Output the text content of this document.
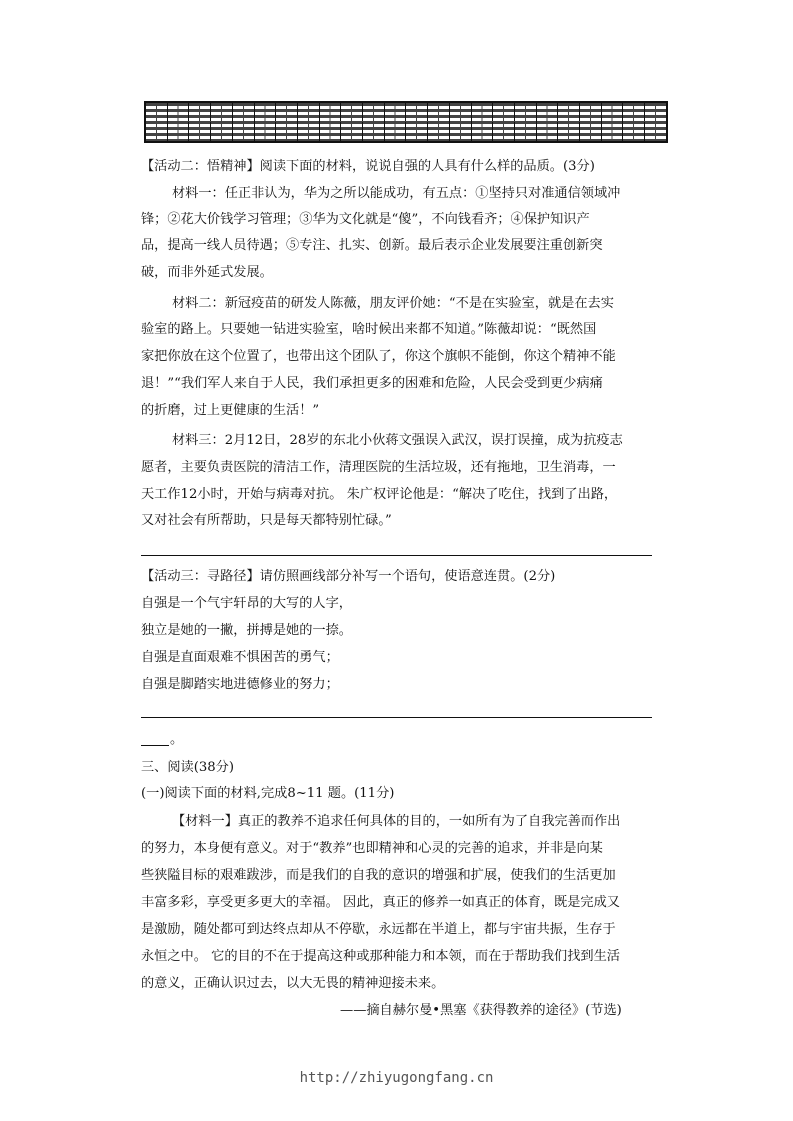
【活动二：悟精神】阅读下面的材料，说说自强的人具有什么样的品质。(3分)
材料一：任正非认为，华为之所以能成功，有五点：①坚持只对准通信领域冲
锋；②花大价钱学习管理；③华为文化就是“傻”，不向钱看齐；④保护知识产
品，提高一线人员待遇；⑤专注、扎实、创新。最后表示企业发展要注重创新突
破，而非外延式发展。
材料二：新冠疫苗的研发人陈薇，朋友评价她：“不是在实验室，就是在去实
验室的路上。只要她一钻进实验室，啥时候出来都不知道。”陈薇却说：“既然国
家把你放在这个位置了，也带出这个团队了，你这个旗帜不能倒，你这个精神不能
退！”“我们军人来自于人民，我们承担更多的困难和危险，人民会受到更少病痛
的折磨，过上更健康的生活！”
材料三：2月12日，28岁的东北小伙蒋文强误入武汉，误打误撞，成为抗疫志
愿者，主要负责医院的清洁工作，清理医院的生活垃圾，还有拖地，卫生消毒，一
天工作12小时，开始与病毒对抗。 朱广权评论他是：“解决了吃住，找到了出路，
又对社会有所帮助，只是每天都特别忙碌。”
【活动三：寻路径】请仿照画线部分补写一个语句，使语意连贯。(2分)
自强是一个气宇轩昂的大写的人字，
独立是她的一撇，拼搏是她的一捺。
自强是直面艰难不惧困苦的勇气；
自强是脚踏实地进德修业的努力；
。
三、阅读(38分)
(一)阅读下面的材料,完成8~11 题。(11分)
【材料一】真正的教养不追求任何具体的目的，一如所有为了自我完善而作出
的努力，本身便有意义。对于“教养”也即精神和心灵的完善的追求，并非是向某
些狭隘目标的艰难跋涉，而是我们的自我的意识的增强和扩展，使我们的生活更加
丰富多彩，享受更多更大的幸福。 因此，真正的修养一如真正的体育，既是完成又
是激励，随处都可到达终点却从不停歇，永远都在半道上，都与宇宙共振，生存于
永恒之中。 它的目的不在于提高这种或那种能力和本领，而在于帮助我们找到生活
的意义，正确认识过去，以大无畏的精神迎接未来。
——摘自赫尔曼•黑塞《获得教养的途径》(节选)
http://zhiyugongfang.cn
